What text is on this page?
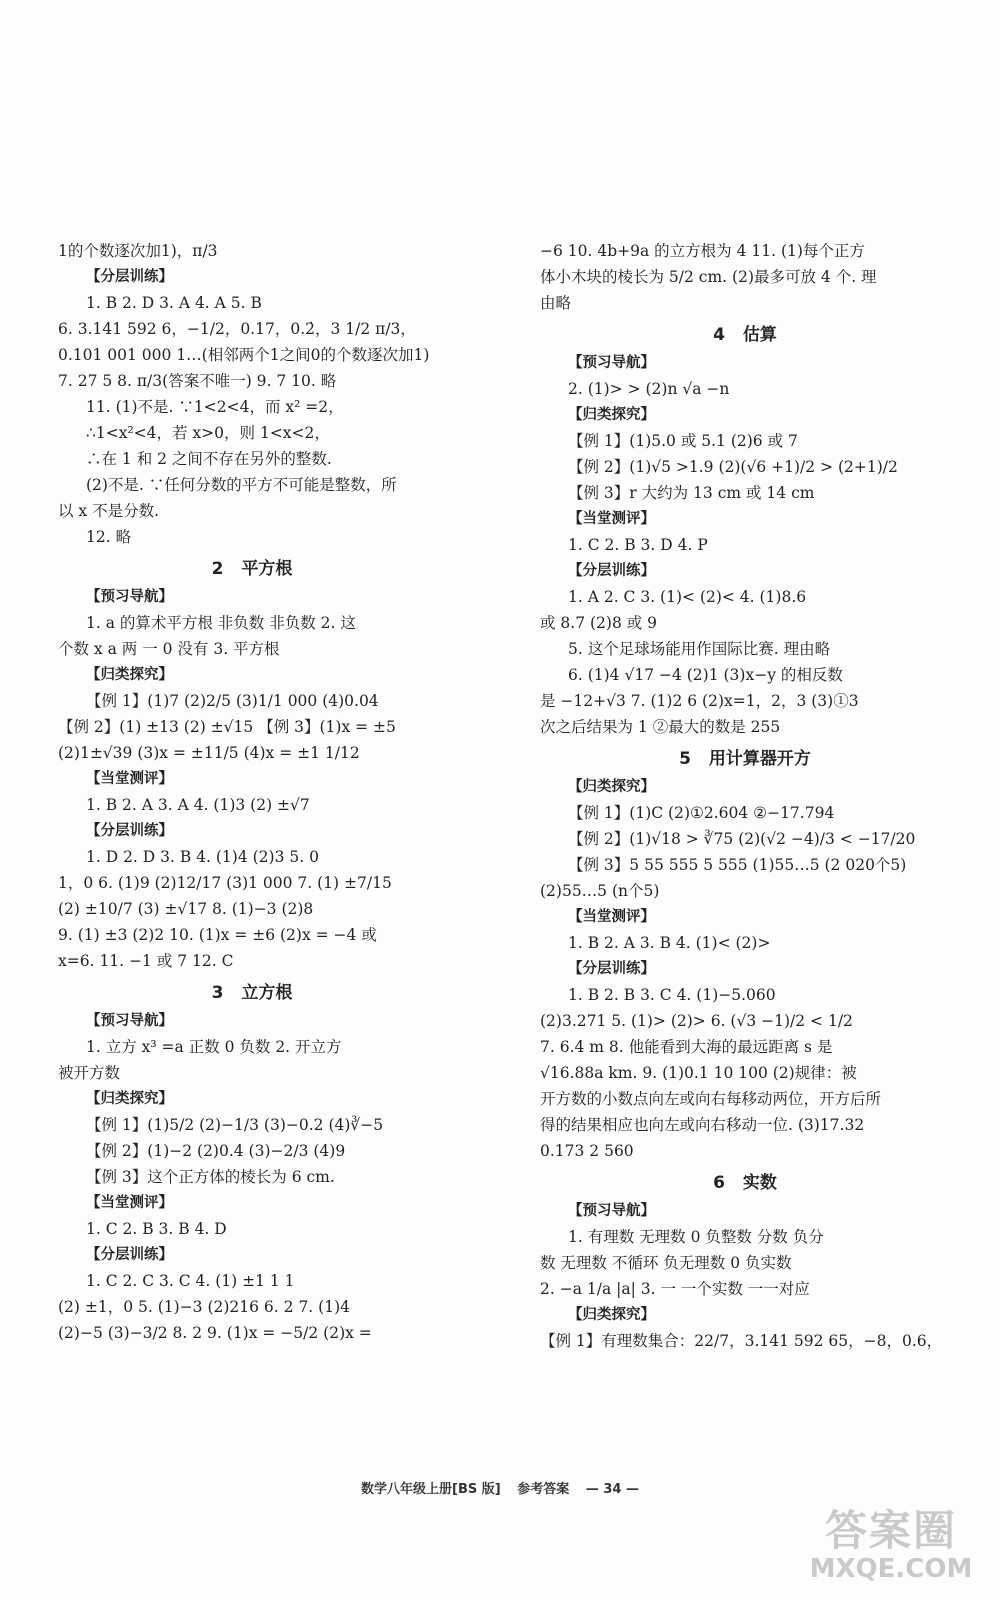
1的个数逐次加1)，π/3
【分层训练】
1. B 2. D 3. A 4. A 5. B
6. 3.141 592 6，−1/2，0.17，0.2̇，3 1/2 π/3，
0.101 001 000 1…(相邻两个1之间0的个数逐次加1)
7. 27 5 8. π/3(答案不唯一) 9. 7 10. 略
11. (1)不是. ∵1<2<4，而 x² =2，
∴1<x²<4，若 x>0，则 1<x<2，
∴在 1 和 2 之间不存在另外的整数.
(2)不是. ∵任何分数的平方不可能是整数，所
以 x 不是分数.
12. 略
2 平方根
【预习导航】
1. a 的算术平方根 非负数 非负数 2. 这
个数 x a 两 一 0 没有 3. 平方根
【归类探究】
【例 1】(1)7 (2)2/5 (3)1/1 000 (4)0.04
【例 2】(1) ±13 (2) ±√15 【例 3】(1)x = ±5
(2)1±√39 (3)x = ±11/5 (4)x = ±1 1/12
【当堂测评】
1. B 2. A 3. A 4. (1)3 (2) ±√7
【分层训练】
1. D 2. D 3. B 4. (1)4 (2)3 5. 0
1，0 6. (1)9 (2)12/17 (3)1 000 7. (1) ±7/15
(2) ±10/7 (3) ±√17 8. (1)−3 (2)8
9. (1) ±3 (2)2 10. (1)x = ±6 (2)x = −4 或
x=6. 11. −1 或 7 12. C
3 立方根
【预习导航】
1. 立方 x³ =a 正数 0 负数 2. 开立方
被开方数
【归类探究】
【例 1】(1)5/2 (2)−1/3 (3)−0.2 (4)∛−5
【例 2】(1)−2 (2)0.4 (3)−2/3 (4)9
【例 3】这个正方体的棱长为 6 cm.
【当堂测评】
1. C 2. B 3. B 4. D
【分层训练】
1. C 2. C 3. C 4. (1) ±1 1 1
(2) ±1，0 5. (1)−3 (2)216 6. 2 7. (1)4
(2)−5 (3)−3/2 8. 2 9. (1)x = −5/2 (2)x =
−6 10. 4b+9a 的立方根为 4 11. (1)每个正方
体小木块的棱长为 5/2 cm. (2)最多可放 4 个. 理
由略
4 估算
【预习导航】
2. (1)> > (2)n √a −n
【归类探究】
【例 1】(1)5.0 或 5.1 (2)6 或 7
【例 2】(1)√5 >1.9 (2)(√6 +1)/2 > (2+1)/2
【例 3】r 大约为 13 cm 或 14 cm
【当堂测评】
1. C 2. B 3. D 4. P
【分层训练】
1. A 2. C 3. (1)< (2)< 4. (1)8.6
或 8.7 (2)8 或 9
5. 这个足球场能用作国际比赛. 理由略
6. (1)4 √17 −4 (2)1 (3)x−y 的相反数
是 −12+√3 7. (1)2 6 (2)x=1，2，3 (3)①3
次之后结果为 1 ②最大的数是 255
5 用计算器开方
【归类探究】
【例 1】(1)C (2)①2.604 ②−17.794
【例 2】(1)√18 > ∛75 (2)(√2 −4)/3 < −17/20
【例 3】5 55 555 5 555 (1)55…5 (2 020个5)
(2)55…5 (n个5)
【当堂测评】
1. B 2. A 3. B 4. (1)< (2)>
【分层训练】
1. B 2. B 3. C 4. (1)−5.060
(2)3.271 5. (1)> (2)> 6. (√3 −1)/2 < 1/2
7. 6.4 m 8. 他能看到大海的最远距离 s 是
√16.88a km. 9. (1)0.1 10 100 (2)规律：被
开方数的小数点向左或向右每移动两位，开方后所
得的结果相应也向左或向右移动一位. (3)17.32
0.173 2 560
6 实数
【预习导航】
1. 有理数 无理数 0 负整数 分数 负分
数 无理数 不循环 负无理数 0 负实数
2. −a 1/a |a| 3. 一 一个实数 一一对应
【归类探究】
【例 1】有理数集合：22/7，3.141 592 65，−8，0.6，
数学八年级上册[BS 版] 参考答案 — 34 —
答案圈
MXQE.COM
